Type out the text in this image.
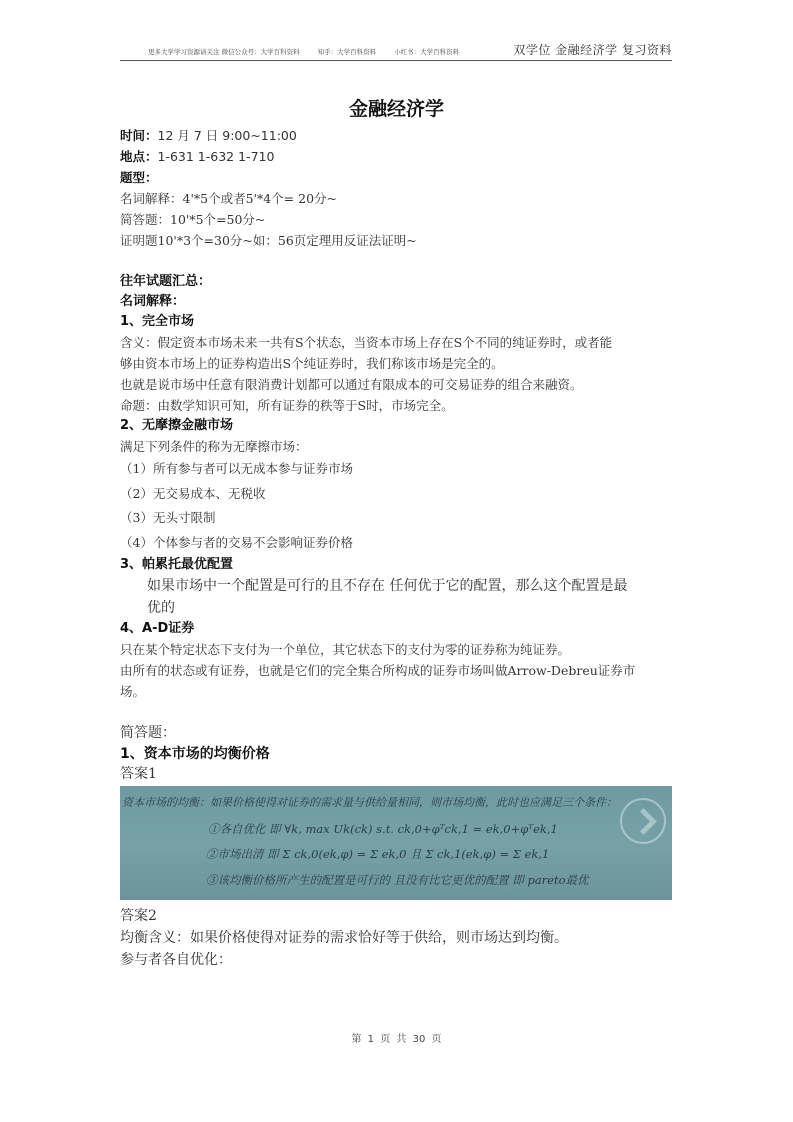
更多大学学习资源请关注 微信公众号：大学百科资料	知乎：大学百科资料	小红书：大学百科资料	双学位 金融经济学 复习资料
金融经济学
时间：12 月 7 日 9:00~11:00
地点：1-631 1-632 1-710
题型：
名词解释：4'*5个或者5'*4个= 20分~
简答题：10'*5个=50分~
证明题10'*3个=30分~如：56页定理用反证法证明~
往年试题汇总：
名词解释：
1、完全市场
含义：假定资本市场未来一共有S个状态，当资本市场上存在S个不同的纯证券时，或者能
够由资本市场上的证券构造出S个纯证券时，我们称该市场是完全的。
也就是说市场中任意有限消费计划都可以通过有限成本的可交易证券的组合来融资。
命题：由数学知识可知，所有证券的秩等于S时，市场完全。
2、无摩擦金融市场
满足下列条件的称为无摩擦市场：
（1）所有参与者可以无成本参与证券市场
（2）无交易成本、无税收
（3）无头寸限制
（4）个体参与者的交易不会影响证券价格
3、帕累托最优配置
如果市场中一个配置是可行的且不存在 任何优于它的配置，那么这个配置是最
优的
4、A-D证券
只在某个特定状态下支付为一个单位，其它状态下的支付为零的证券称为纯证券。
由所有的状态或有证券，也就是它们的完全集合所构成的证券市场叫做Arrow-Debreu证券市
场。
简答题：
1、资本市场的均衡价格
答案1
资本市场的均衡：如果价格使得对证券的需求量与供给量相同，则市场均衡，此时也应满足三个条件：
①各自优化 即 ∀k, max Uk(ck) s.t. ck,0+φᵀck,1 = ek,0+φᵀek,1
②市场出清 即 Σ ck,0(ek,φ) = Σ ek,0 且 Σ ck,1(ek,φ) = Σ ek,1
③该均衡价格所产生的配置是可行的 且没有比它更优的配置 即 pareto最优
答案2
均衡含义：如果价格使得对证券的需求恰好等于供给，则市场达到均衡。
参与者各自优化：
第 1 页 共 30 页
